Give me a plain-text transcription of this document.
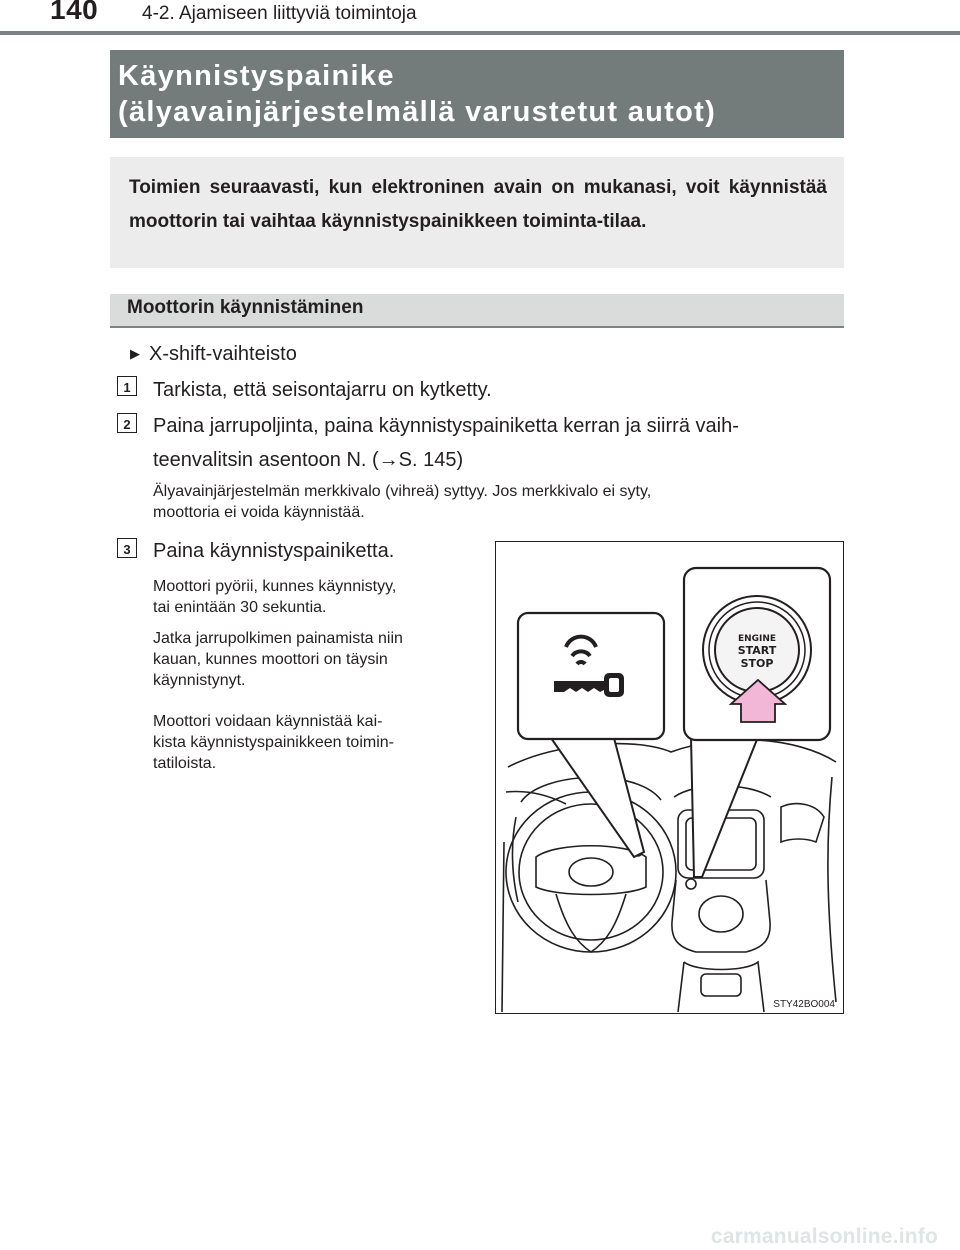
140 4-2. Ajamiseen liittyviä toimintoja
Käynnistyspainike
(älyavainjärjestelmällä varustetut autot)
Toimien seuraavasti, kun elektroninen avain on mukanasi, voit käynnistää moottorin tai vaihtaa käynnistyspainikkeen toiminta-tilaa.
Moottorin käynnistäminen
▶ X-shift-vaihteisto
1	Tarkista, että seisontajarru on kytketty.
2	Paina jarrupoljinta, paina käynnistyspainiketta kerran ja siirrä vaih-
teenvalitsin asentoon N. (→S. 145)
Älyavainjärjestelmän merkkivalo (vihreä) syttyy. Jos merkkivalo ei syty,
moottoria ei voida käynnistää.
3	Paina käynnistyspainiketta.
Moottori pyörii, kunnes käynnistyy,
tai enintään 30 sekuntia.
Jatka jarrupolkimen painamista niin
kauan, kunnes moottori on täysin
käynnistynyt.
Moottori voidaan käynnistää kai-
kista käynnistyspainikkeen toimin-
tatiloista.
ENGINE
START
STOP
STY42BO004
carmanualsonline.info
